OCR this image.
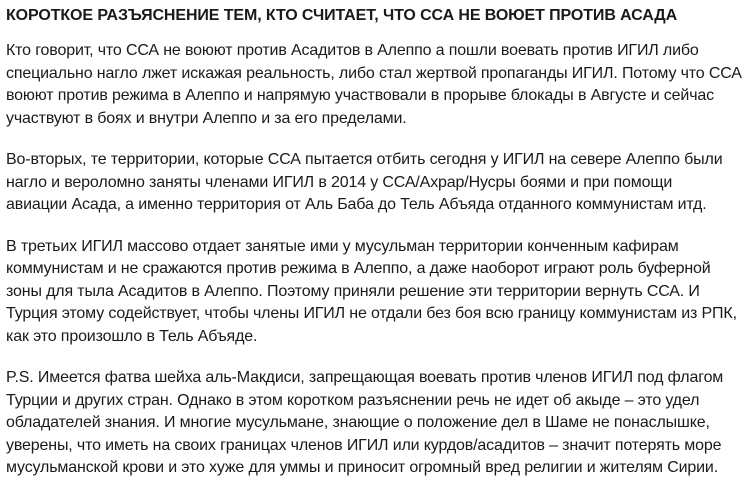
КОРОТКОЕ РАЗЪЯСНЕНИЕ ТЕМ, КТО СЧИТАЕТ, ЧТО ССА НЕ ВОЮЕТ ПРОТИВ АСАДА
Кто говорит, что ССА не воюют против Асадитов в Алеппо а пошли воевать против ИГИЛ либо
специально нагло лжет искажая реальность, либо стал жертвой пропаганды ИГИЛ. Потому что ССА
воюют против режима в Алеппо и напрямую участвовали в прорыве блокады в Августе и сейчас
участвуют в боях и внутри Алеппо и за его пределами.
Во-вторых, те территории, которые ССА пытается отбить сегодня у ИГИЛ на севере Алеппо были
нагло и вероломно заняты членами ИГИЛ в 2014 у ССА/Ахрар/Нусры боями и при помощи
авиации Асада, а именно территория от Аль Баба до Тель Абъяда отданного коммунистам итд.
В третьих ИГИЛ массово отдает занятые ими у мусульман территории конченным кафирам
коммунистам и не сражаются против режима в Алеппо, а даже наоборот играют роль буферной
зоны для тыла Асадитов в Алеппо. Поэтому приняли решение эти территории вернуть ССА. И
Турция этому содействует, чтобы члены ИГИЛ не отдали без боя всю границу коммунистам из РПК,
как это произошло в Тель Абъяде.
P.S. Имеется фатва шейха аль-Макдиси, запрещающая воевать против членов ИГИЛ под флагом
Турции и других стран. Однако в этом коротком разъяснении речь не идет об акыде – это удел
обладателей знания. И многие мусульмане, знающие о положение дел в Шаме не понаслышке,
уверены, что иметь на своих границах членов ИГИЛ или курдов/асадитов – значит потерять море
мусульманской крови и это хуже для уммы и приносит огромный вред религии и жителям Сирии.
